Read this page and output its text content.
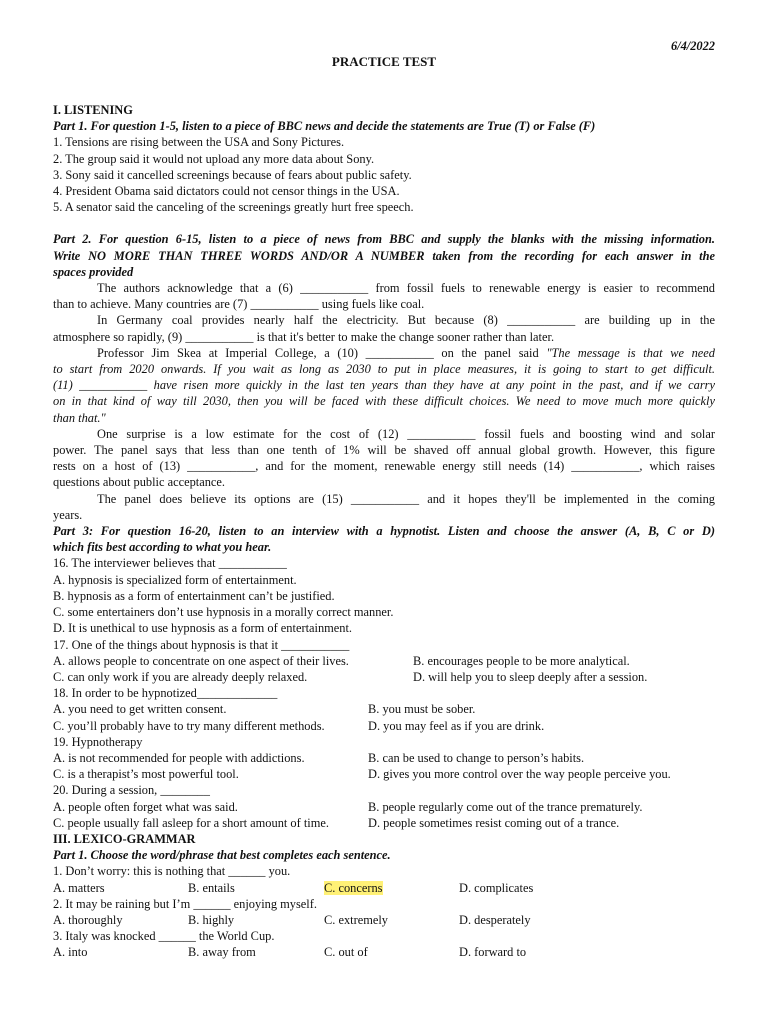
6/4/2022
PRACTICE TEST
I. LISTENING
Part 1. For question 1-5, listen to a piece of BBC news and decide the statements are True (T) or False (F)
1. Tensions are rising between the USA and Sony Pictures.
2. The group said it would not upload any more data about Sony.
3. Sony said it cancelled screenings because of fears about public safety.
4. President Obama said dictators could not censor things in the USA.
5. A senator said the canceling of the screenings greatly hurt free speech.
Part 2. For question 6-15, listen to a piece of news from BBC and supply the blanks with the missing information.
Write NO MORE THAN THREE WORDS AND/OR A NUMBER taken from the recording for each answer in the
spaces provided
The authors acknowledge that a (6) ___________ from fossil fuels to renewable energy is easier to recommend
than to achieve. Many countries are (7) ___________ using fuels like coal.
In Germany coal provides nearly half the electricity. But because (8) ___________ are building up in the
atmosphere so rapidly, (9) ___________ is that it's better to make the change sooner rather than later.
Professor Jim Skea at Imperial College, a (10) ___________ on the panel said "The message is that we need
to start from 2020 onwards. If you wait as long as 2030 to put in place measures, it is going to start to get difficult.
(11) ___________ have risen more quickly in the last ten years than they have at any point in the past, and if we carry
on in that kind of way till 2030, then you will be faced with these difficult choices. We need to move much more quickly
than that."
One surprise is a low estimate for the cost of (12) ___________ fossil fuels and boosting wind and solar
power. The panel says that less than one tenth of 1% will be shaved off annual global growth. However, this figure
rests on a host of (13) ___________, and for the moment, renewable energy still needs (14) ___________, which raises
questions about public acceptance.
The panel does believe its options are (15) ___________ and it hopes they'll be implemented in the coming
years.
Part 3: For question 16-20, listen to an interview with a hypnotist. Listen and choose the answer (A, B, C or D)
which fits best according to what you hear.
16. The interviewer believes that ___________
A. hypnosis is specialized form of entertainment.
B. hypnosis as a form of entertainment can’t be justified.
C. some entertainers don’t use hypnosis in a morally correct manner.
D. It is unethical to use hypnosis as a form of entertainment.
17. One of the things about hypnosis is that it ___________
A. allows people to concentrate on one aspect of their lives.	B. encourages people to be more analytical.
C. can only work if you are already deeply relaxed.	D. will help you to sleep deeply after a session.
18. In order to be hypnotized_____________
A. you need to get written consent.	B. you must be sober.
C. you’ll probably have to try many different methods.	D. you may feel as if you are drink.
19. Hypnotherapy
A. is not recommended for people with addictions.	B. can be used to change to person’s habits.
C. is a therapist’s most powerful tool.	D. gives you more control over the way people perceive you.
20. During a session, ________
A. people often forget what was said.	B. people regularly come out of the trance prematurely.
C. people usually fall asleep for a short amount of time.	D. people sometimes resist coming out of a trance.
III. LEXICO-GRAMMAR
Part 1. Choose the word/phrase that best completes each sentence.
1. Don’t worry: this is nothing that ______ you.
A. matters	B. entails	C. concerns	D. complicates
2. It may be raining but I’m ______ enjoying myself.
A. thoroughly	B. highly	C. extremely	D. desperately
3. Italy was knocked ______ the World Cup.
A. into	B. away from	C. out of	D. forward to
